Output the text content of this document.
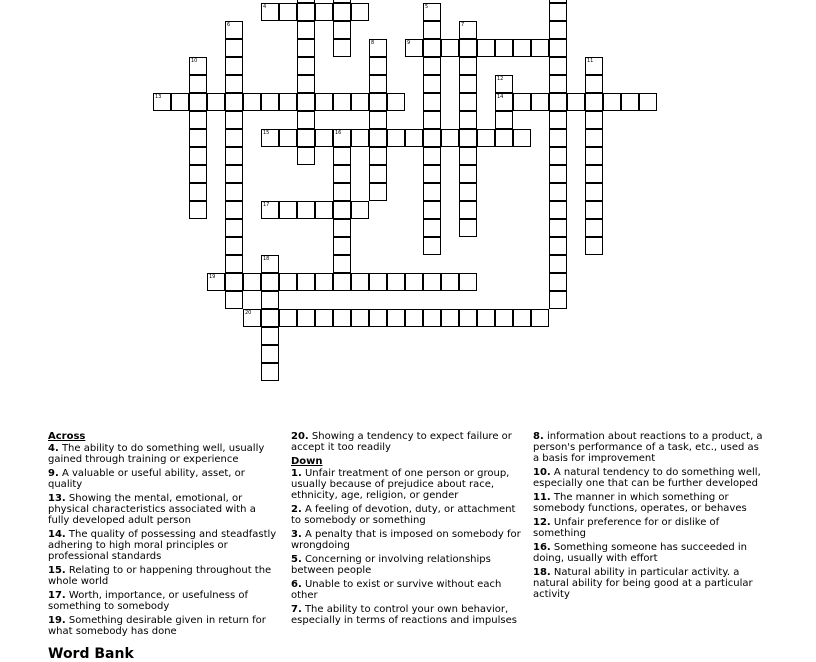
4	5
6	7
8	9
10	11
12
13	14
15	16
17
18
19
20
Across
4. The ability to do something well, usually gained through training or experience
9. A valuable or useful ability, asset, or quality
13. Showing the mental, emotional, or physical characteristics associated with a fully developed adult person
14. The quality of possessing and steadfastly adhering to high moral principles or professional standards
15. Relating to or happening throughout the whole world
17. Worth, importance, or usefulness of something to somebody
19. Something desirable given in return for what somebody has done
20. Showing a tendency to expect failure or accept it too readily
Down
1. Unfair treatment of one person or group, usually because of prejudice about race, ethnicity, age, religion, or gender
2. A feeling of devotion, duty, or attachment to somebody or something
3. A penalty that is imposed on somebody for wrongdoing
5. Concerning or involving relationships between people
6. Unable to exist or survive without each other
7. The ability to control your own behavior, especially in terms of reactions and impulses
8. information about reactions to a product, a person's performance of a task, etc., used as a basis for improvement
10. A natural tendency to do something well, especially one that can be further developed
11. The manner in which something or somebody functions, operates, or behaves
12. Unfair preference for or dislike of something
16. Something someone has succeeded in doing, usually with effort
18. Natural ability in particular activity. a natural ability for being good at a particular activity
Word Bank
